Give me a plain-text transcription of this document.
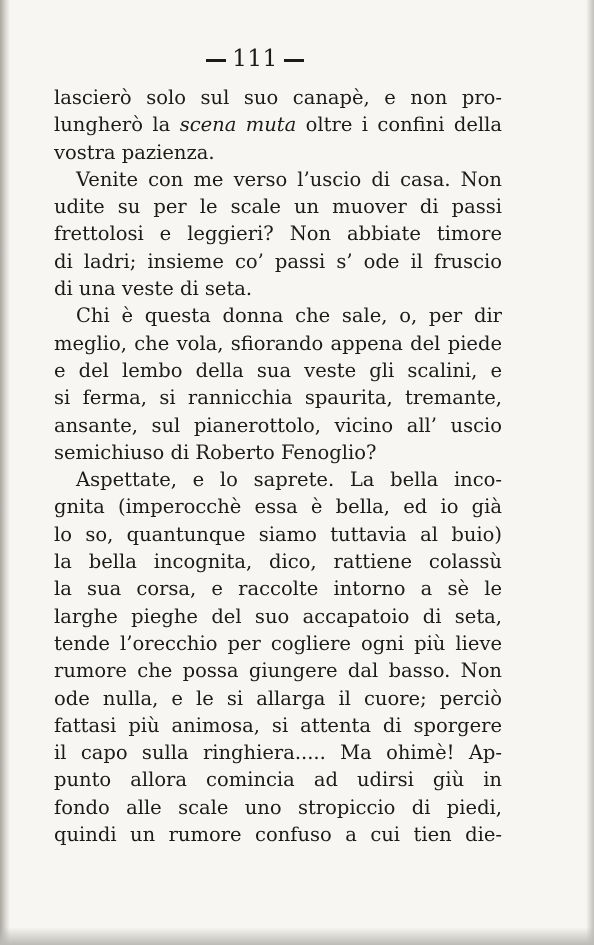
111
lascierò solo sul suo canapè, e non pro-
lungherò la scena muta oltre i confini della
vostra pazienza.
Venite con me verso l’uscio di casa. Non
udite su per le scale un muover di passi
frettolosi e leggieri? Non abbiate timore
di ladri; insieme co’ passi s’ ode il fruscio
di una veste di seta.
Chi è questa donna che sale, o, per dir
meglio, che vola, sfiorando appena del piede
e del lembo della sua veste gli scalini, e
si ferma, si rannicchia spaurita, tremante,
ansante, sul pianerottolo, vicino all’ uscio
semichiuso di Roberto Fenoglio?
Aspettate, e lo saprete. La bella inco-
gnita (imperocchè essa è bella, ed io già
lo so, quantunque siamo tuttavia al buio)
la bella incognita, dico, rattiene colassù
la sua corsa, e raccolte intorno a sè le
larghe pieghe del suo accapatoio di seta,
tende l’orecchio per cogliere ogni più lieve
rumore che possa giungere dal basso. Non
ode nulla, e le si allarga il cuore; perciò
fattasi più animosa, si attenta di sporgere
il capo sulla ringhiera..... Ma ohimè! Ap-
punto allora comincia ad udirsi giù in
fondo alle scale uno stropiccio di piedi,
quindi un rumore confuso a cui tien die-
